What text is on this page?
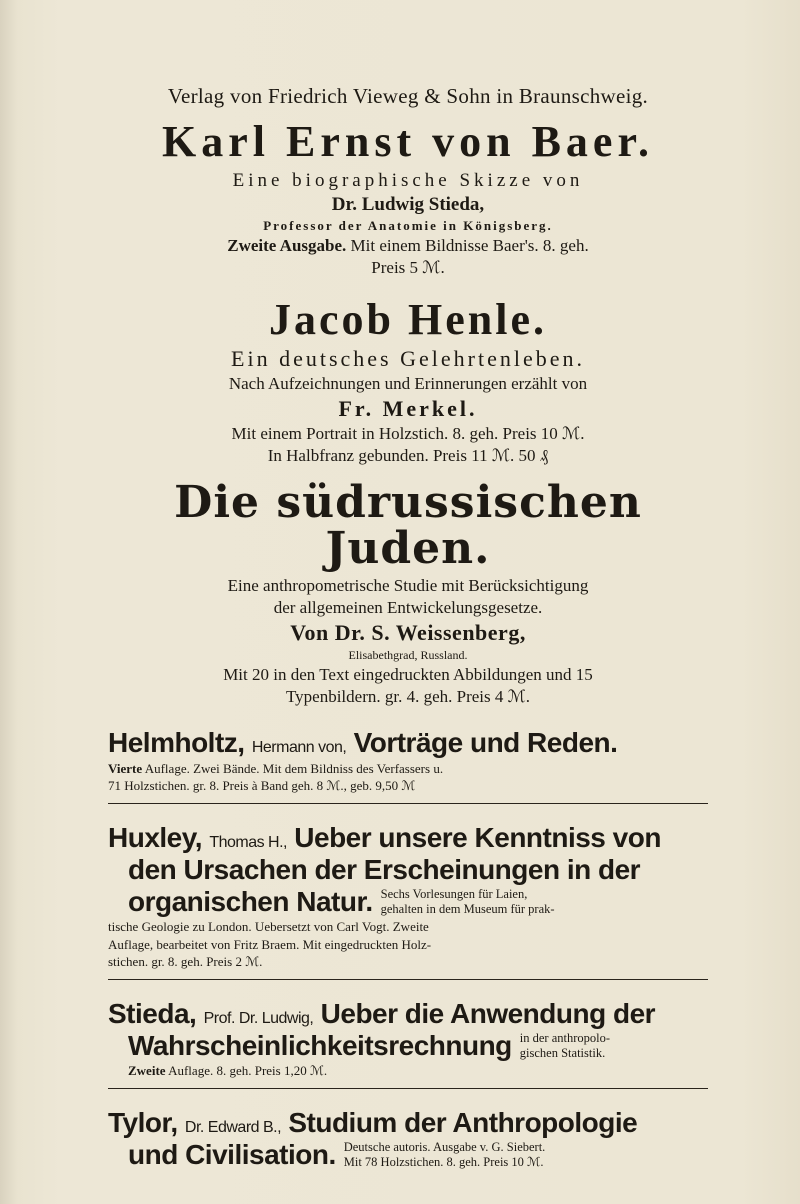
Verlag von Friedrich Vieweg & Sohn in Braunschweig.

Karl Ernst von Baer.

Eine biographische Skizze von

Dr. Ludwig Stieda,

Professor der Anatomie in Königsberg.

Zweite Ausgabe. Mit einem Bildnisse Baer's. 8. geh.

Preis 5 ℳ.

Jacob Henle.

Ein deutsches Gelehrtenleben.

Nach Aufzeichnungen und Erinnerungen erzählt von

Fr. Merkel.

Mit einem Portrait in Holzstich. 8. geh. Preis 10 ℳ.

In Halbfranz gebunden. Preis 11 ℳ. 50 ₰

Die südrussischen Juden.

Eine anthropometrische Studie mit Berücksichtigung

der allgemeinen Entwickelungsgesetze.

Von Dr. S. Weissenberg,

Elisabethgrad, Russland.

Mit 20 in den Text eingedruckten Abbildungen und 15

Typenbildern. gr. 4. geh. Preis 4 ℳ.

Helmholtz, Hermann von, Vorträge und Reden.
Vierte Auflage. Zwei Bände. Mit dem Bildniss des Verfassers u.
71 Holzstichen. gr. 8. Preis à Band geh. 8 ℳ., geb. 9,50 ℳ
Huxley, Thomas H., Ueber unsere Kenntniss von
den Ursachen der Erscheinungen in der
organischen Natur. Sechs Vorlesungen für Laien,
gehalten in dem Museum für prak-
tische Geologie zu London. Uebersetzt von Carl Vogt. Zweite
Auflage, bearbeitet von Fritz Braem. Mit eingedruckten Holz-
stichen. gr. 8. geh. Preis 2 ℳ.
Stieda, Prof. Dr. Ludwig, Ueber die Anwendung der
Wahrscheinlichkeitsrechnung in der anthropolo-
gischen Statistik.
Zweite Auflage. 8. geh. Preis 1,20 ℳ.
Tylor, Dr. Edward B., Studium der Anthropologie
und Civilisation. Deutsche autoris. Ausgabe v. G. Siebert.
Mit 78 Holzstichen. 8. geh. Preis 10 ℳ.
